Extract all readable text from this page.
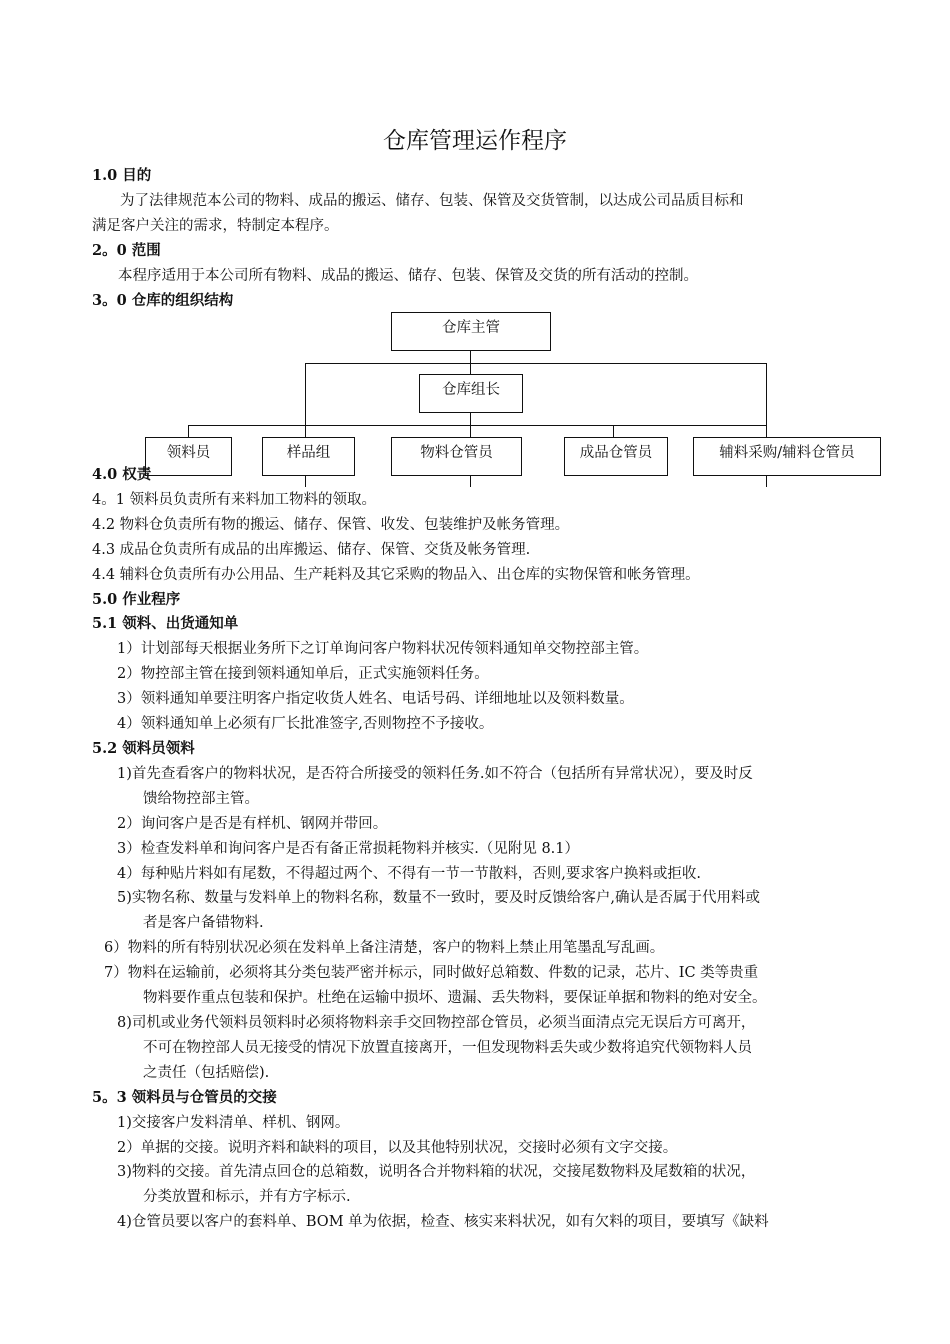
仓库管理运作程序
1.0 目的
为了法律规范本公司的物料、成品的搬运、储存、包装、保管及交货管制，以达成公司品质目标和
满足客户关注的需求，特制定本程序。
2。0 范围
本程序适用于本公司所有物料、成品的搬运、储存、包装、保管及交货的所有活动的控制。
3。0 仓库的组织结构
仓库主管
仓库组长
领料员	样品组	物料仓管员	成品仓管员	辅料采购/辅料仓管员
4.0 权责
4。1 领料员负责所有来料加工物料的领取。
4.2 物料仓负责所有物的搬运、储存、保管、收发、包装维护及帐务管理。
4.3 成品仓负责所有成品的出库搬运、储存、保管、交货及帐务管理.
4.4 辅料仓负责所有办公用品、生产耗料及其它采购的物品入、出仓库的实物保管和帐务管理。
5.0 作业程序
5.1 领料、出货通知单
1）计划部每天根据业务所下之订单询问客户物料状况传领料通知单交物控部主管。
2）物控部主管在接到领料通知单后，正式实施领料任务。
3）领料通知单要注明客户指定收货人姓名、电话号码、详细地址以及领料数量。
4）领料通知单上必须有厂长批准签字,否则物控不予接收。
5.2 领料员领料
1)首先查看客户的物料状况，是否符合所接受的领料任务.如不符合（包括所有异常状况），要及时反
馈给物控部主管。
2）询问客户是否是有样机、钢网并带回。
3）检查发料单和询问客户是否有备正常损耗物料并核实.（见附见 8.1）
4）每种贴片料如有尾数，不得超过两个、不得有一节一节散料，否则,要求客户换料或拒收.
5)实物名称、数量与发料单上的物料名称，数量不一致时，要及时反馈给客户,确认是否属于代用料或
者是客户备错物料.
6）物料的所有特别状况必须在发料单上备注清楚，客户的物料上禁止用笔墨乱写乱画。
7）物料在运输前，必须将其分类包装严密并标示，同时做好总箱数、件数的记录，芯片、IC 类等贵重
物料要作重点包装和保护。杜绝在运输中损坏、遗漏、丢失物料，要保证单据和物料的绝对安全。
8)司机或业务代领料员领料时必须将物料亲手交回物控部仓管员，必须当面清点完无误后方可离开，
不可在物控部人员无接受的情况下放置直接离开，一但发现物料丢失或少数将追究代领物料人员
之责任（包括赔偿).
5。3 领料员与仓管员的交接
1)交接客户发料清单、样机、钢网。
2）单据的交接。说明齐料和缺料的项目，以及其他特别状况，交接时必须有文字交接。
3)物料的交接。首先清点回仓的总箱数，说明各合并物料箱的状况，交接尾数物料及尾数箱的状况，
分类放置和标示，并有方字标示.
4)仓管员要以客户的套料单、BOM 单为依据，检查、核实来料状况，如有欠料的项目，要填写《缺料
